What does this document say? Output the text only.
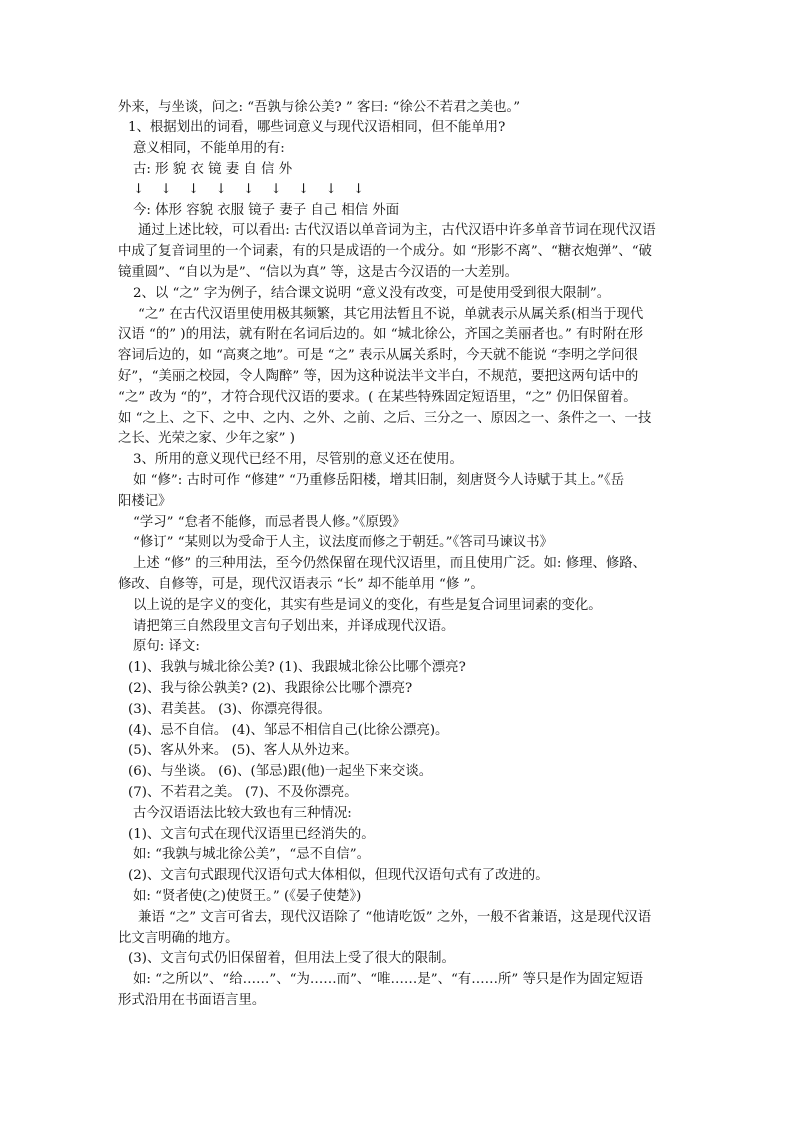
外来，与坐谈，问之: “吾孰与徐公美? ” 客曰: “徐公不若君之美也。”
1、根据划出的词看，哪些词意义与现代汉语相同，但不能单用?
意义相同，不能单用的有:
古: 形 貌 衣 镜 妻 自 信 外
↓ ↓ ↓ ↓ ↓ ↓ ↓ ↓ ↓
今: 体形 容貌 衣服 镜子 妻子 自己 相信 外面
通过上述比较，可以看出: 古代汉语以单音词为主，古代汉语中许多单音节词在现代汉语
中成了复音词里的一个词素，有的只是成语的一个成分。如 “形影不离”、“糖衣炮弹”、“破
镜重圆”、“自以为是”、“信以为真” 等，这是古今汉语的一大差别。
2、以 “之” 字为例子，结合课文说明 “意义没有改变，可是使用受到很大限制”。
“之” 在古代汉语里使用极其频繁，其它用法暂且不说，单就表示从属关系(相当于现代
汉语 “的” )的用法，就有附在名词后边的。如 “城北徐公，齐国之美丽者也。” 有时附在形
容词后边的，如 “高爽之地”。可是 “之” 表示从属关系时，今天就不能说 “李明之学问很
好”，“美丽之校园，令人陶醉” 等，因为这种说法半文半白，不规范，要把这两句话中的
“之” 改为 “的”，才符合现代汉语的要求。( 在某些特殊固定短语里，“之” 仍旧保留着。
如 “之上、之下、之中、之内、之外、之前、之后、三分之一、原因之一、条件之一、一技
之长、光荣之家、少年之家” )
3、所用的意义现代已经不用，尽管别的意义还在使用。
如 “修”: 古时可作 “修建” “乃重修岳阳楼，增其旧制，刻唐贤今人诗赋于其上。”《岳
阳楼记》
“学习” “怠者不能修，而忌者畏人修。”《原毁》
“修订” “某则以为受命于人主，议法度而修之于朝廷。”《答司马谏议书》
上述 “修” 的三种用法，至今仍然保留在现代汉语里，而且使用广泛。如: 修理、修路、
修改、自修等，可是，现代汉语表示 “长” 却不能单用 “修 ”。
以上说的是字义的变化，其实有些是词义的变化，有些是复合词里词素的变化。
请把第三自然段里文言句子划出来，并译成现代汉语。
原句: 译文:
(1)、我孰与城北徐公美? (1)、我跟城北徐公比哪个漂亮?
(2)、我与徐公孰美? (2)、我跟徐公比哪个漂亮?
(3)、君美甚。 (3)、你漂亮得很。
(4)、忌不自信。 (4)、邹忌不相信自己(比徐公漂亮)。
(5)、客从外来。 (5)、客人从外边来。
(6)、与坐谈。 (6)、(邹忌)跟(他)一起坐下来交谈。
(7)、不若君之美。 (7)、不及你漂亮。
古今汉语语法比较大致也有三种情况:
(1)、文言句式在现代汉语里已经消失的。
如: “我孰与城北徐公美”，“忌不自信”。
(2)、文言句式跟现代汉语句式大体相似，但现代汉语句式有了改进的。
如: “贤者使(之)使贤王。” (《晏子使楚》)
兼语 “之” 文言可省去，现代汉语除了 “他请吃饭” 之外，一般不省兼语，这是现代汉语
比文言明确的地方。
(3)、文言句式仍旧保留着，但用法上受了很大的限制。
如: “之所以”、“给……”、“为……而”、“唯……是”、“有……所” 等只是作为固定短语
形式沿用在书面语言里。
